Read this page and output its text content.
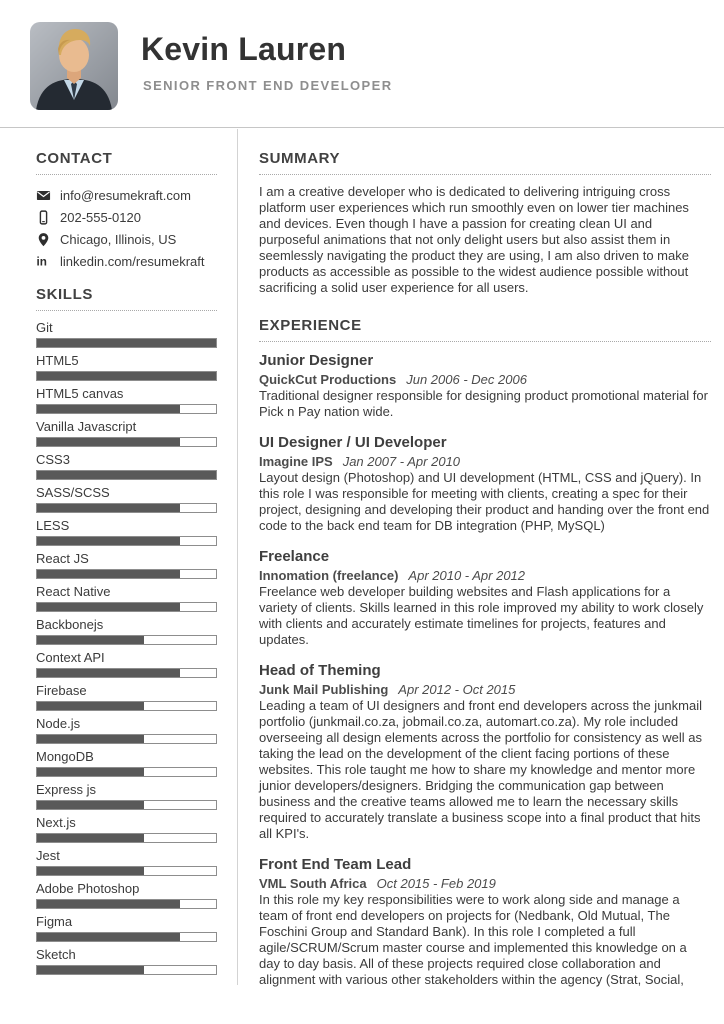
Kevin Lauren
SENIOR FRONT END DEVELOPER
CONTACT
info@resumekraft.com
202-555-0120
Chicago, Illinois, US
in linkedin.com/resumekraft
SKILLS
Git
HTML5
HTML5 canvas
Vanilla Javascript
CSS3
SASS/SCSS
LESS
React JS
React Native
Backbonejs
Context API
Firebase
Node.js
MongoDB
Express js
Next.js
Jest
Adobe Photoshop
Figma
Sketch
SUMMARY

I am a creative developer who is dedicated to delivering intriguing cross platform user experiences which run smoothly even on lower tier machines and devices. Even though I have a passion for creating clean UI and purposeful animations that not only delight users but also assist them in seemlessly navigating the product they are using, I am also driven to make products as accessible as possible to the widest audience possible without sacrificing a solid user experience for all users.

EXPERIENCE
Junior Designer
QuickCut Productions Jun 2006 - Dec 2006
Traditional designer responsible for designing product promotional material for Pick n Pay nation wide.
UI Designer / UI Developer
Imagine IPS Jan 2007 - Apr 2010
Layout design (Photoshop) and UI development (HTML, CSS and jQuery). In this role I was responsible for meeting with clients, creating a spec for their project, designing and developing their product and handing over the front end code to the back end team for DB integration (PHP, MySQL)
Freelance
Innomation (freelance) Apr 2010 - Apr 2012
Freelance web developer building websites and Flash applications for a variety of clients. Skills learned in this role improved my ability to work closely with clients and accurately estimate timelines for projects, features and updates.
Head of Theming
Junk Mail Publishing Apr 2012 - Oct 2015
Leading a team of UI designers and front end developers across the junkmail portfolio (junkmail.co.za, jobmail.co.za, automart.co.za). My role included overseeing all design elements across the portfolio for consistency as well as taking the lead on the development of the client facing portions of these websites. This role taught me how to share my knowledge and mentor more junior developers/designers. Bridging the communication gap between business and the creative teams allowed me to learn the necessary skills required to accurately translate a business scope into a final product that hits all KPI's.
Front End Team Lead
VML South Africa Oct 2015 - Feb 2019
In this role my key responsibilities were to work along side and manage a team of front end developers on projects for (Nedbank, Old Mutual, The Foschini Group and Standard Bank). In this role I completed a full agile/SCRUM/Scrum master course and implemented this knowledge on a day to day basis. All of these projects required close collaboration and alignment with various other stakeholders within the agency (Strat, Social,
